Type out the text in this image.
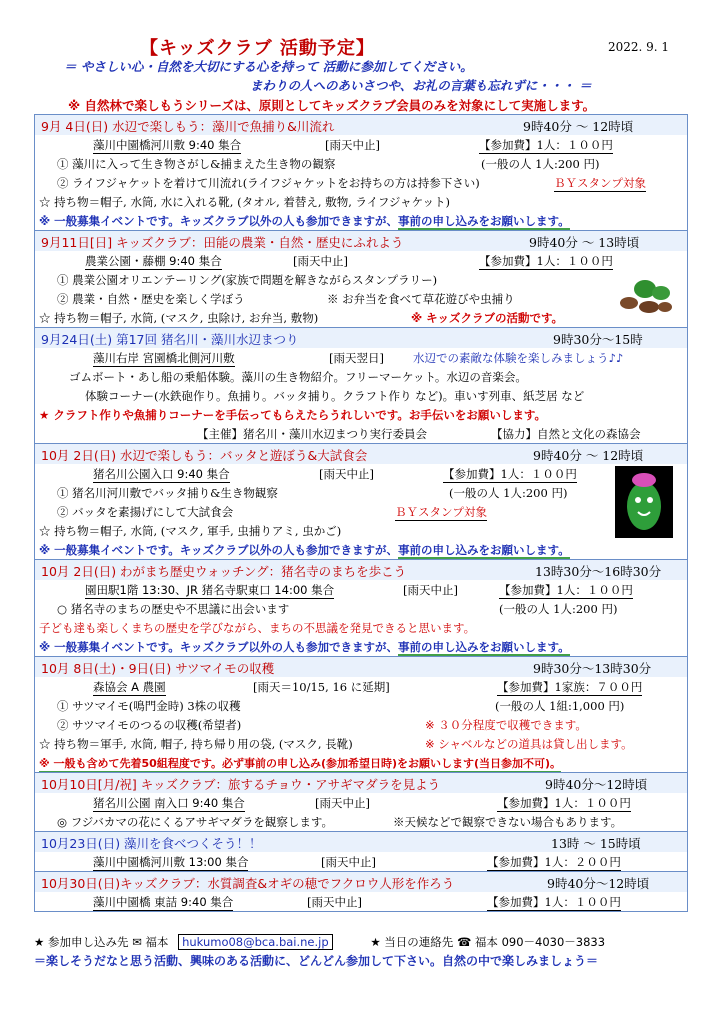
2022. 9. 1
【キッズクラブ 活動予定】
＝ やさしい心・自然を大切にする心を持って 活動に参加してください。
まわりの人へのあいさつや、お礼の言葉も忘れずに・・・ ＝
※ 自然林で楽しもうシリーズは、原則としてキッズクラブ会員のみを対象にして実施します。
9月 4日(日) 水辺で楽しもう：藻川で魚捕り&川流れ	9時40分 ～ 12時頃
藻川中園橋河川敷 9:40 集合	[雨天中止]	【参加費】1人：１００円
① 藻川に入って生き物さがし&捕まえた生き物の観察	(一般の人 1人:200 円)
② ライフジャケットを着けて川流れ(ライフジャケットをお持ちの方は持参下さい)	ＢＹスタンプ対象
☆ 持ち物＝帽子, 水筒, 水に入れる靴, (タオル, 着替え, 敷物, ライフジャケット)
※ 一般募集イベントです。キッズクラブ以外の人も参加できますが、事前の申し込みをお願いします。
9月11日[日] キッズクラブ：田能の農業・自然・歴史にふれよう	9時40分 ～ 13時頃
農業公園・藤棚 9:40 集合	[雨天中止]	【参加費】1人：１００円
① 農業公園オリエンテーリング(家族で問題を解きながらスタンプラリー)
② 農業・自然・歴史を楽しく学ぼう	※ お弁当を食べて草花遊びや虫捕り
☆ 持ち物＝帽子, 水筒, (マスク, 虫除け, お弁当, 敷物)	※ キッズクラブの活動です。
9月24日(土) 第17回 猪名川・藻川水辺まつり	9時30分～15時
藻川右岸 宮園橋北側河川敷	[雨天翌日]	水辺での素敵な体験を楽しみましょう♪♪
ゴムボート・あし船の乗船体験。藻川の生き物紹介。フリーマーケット。水辺の音楽会。
体験コーナー(水鉄砲作り。魚捕り。バッタ捕り。クラフト作り など)。車いす列車、紙芝居 など
★ クラフト作りや魚捕りコーナーを手伝ってもらえたらうれしいです。お手伝いをお願いします。
【主催】猪名川・藻川水辺まつり実行委員会	【協力】自然と文化の森協会
10月 2日(日) 水辺で楽しもう：バッタと遊ぼう&大試食会	9時40分 ～ 12時頃
猪名川公園入口 9:40 集合	[雨天中止]	【参加費】1人：１００円
① 猪名川河川敷でバッタ捕り&生き物観察	(一般の人 1人:200 円)
② バッタを素揚げにして大試食会	ＢＹスタンプ対象
☆ 持ち物＝帽子, 水筒, (マスク, 軍手, 虫捕りアミ, 虫かご)
※ 一般募集イベントです。キッズクラブ以外の人も参加できますが、事前の申し込みをお願いします。
10月 2日(日) わがまち歴史ウォッチング：猪名寺のまちを歩こう	13時30分～16時30分
園田駅1階 13:30、JR 猪名寺駅東口 14:00 集合	[雨天中止]	【参加費】1人：１００円
○ 猪名寺のまちの歴史や不思議に出会います	(一般の人 1人:200 円)
子ども達も楽しくまちの歴史を学びながら、まちの不思議を発見できると思います。
※ 一般募集イベントです。キッズクラブ以外の人も参加できますが、事前の申し込みをお願いします。
10月 8日(土)・9日(日) サツマイモの収穫	9時30分～13時30分
森協会 A 農園	[雨天＝10/15, 16 に延期]	【参加費】1家族：７００円
① サツマイモ(鳴門金時) 3株の収穫	(一般の人 1組:1,000 円)
② サツマイモのつるの収穫(希望者)	※ ３０分程度で収穫できます。
☆ 持ち物＝軍手, 水筒, 帽子, 持ち帰り用の袋, (マスク, 長靴)	※ シャベルなどの道具は貸し出します。
※ 一般も含めて先着50組程度です。必ず事前の申し込み(参加希望日時)をお願いします(当日参加不可)。
10月10日[月/祝] キッズクラブ：旅するチョウ・アサギマダラを見よう	9時40分～12時頃
猪名川公園 南入口 9:40 集合	[雨天中止]	【参加費】1人：１００円
◎ フジバカマの花にくるアサギマダラを観察します。	※天候などで観察できない場合もあります。
10月23日(日) 藻川を食べつくそう！！	13時 ～ 15時頃
藻川中園橋河川敷 13:00 集合	[雨天中止]	【参加費】1人：２００円
10月30日(日)キッズクラブ：水質調査&オギの穂でフクロウ人形を作ろう	9時40分～12時頃
藻川中園橋 東詰 9:40 集合	[雨天中止]	【参加費】1人：１００円
★ 参加申し込み先 ✉ 福本 hukumo08@bca.bai.ne.jp	★ 当日の連絡先 ☎ 福本 090－4030－3833
＝楽しそうだなと思う活動、興味のある活動に、どんどん参加して下さい。自然の中で楽しみましょう＝
